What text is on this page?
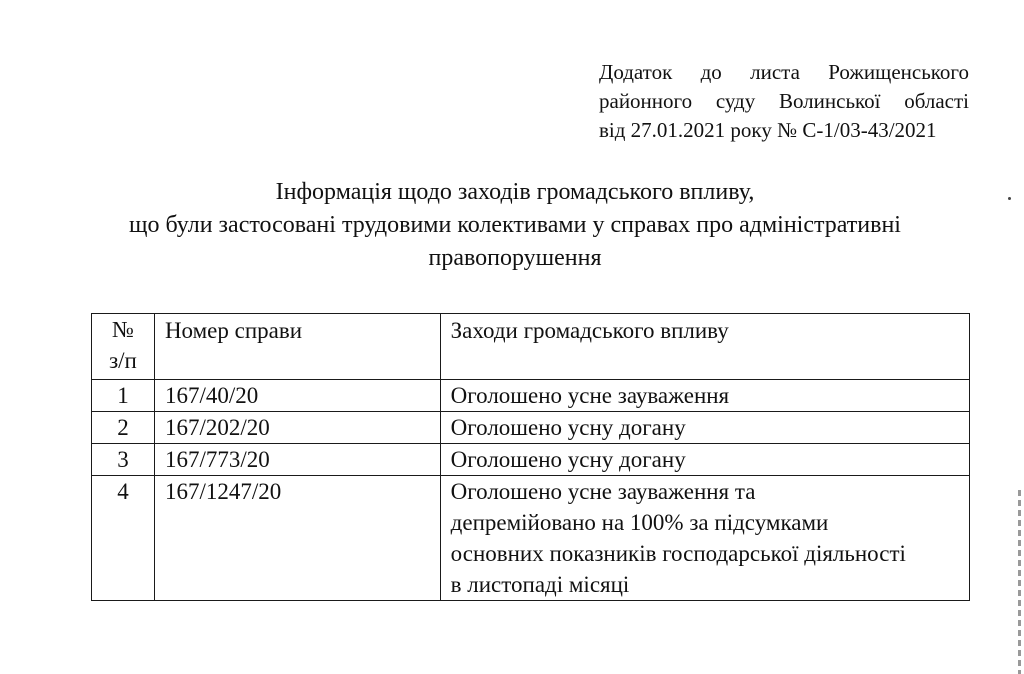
Додаток до листа Рожищенського
районного суду Волинської області
від 27.01.2021 року № С-1/03-43/2021
Інформація щодо заходів громадського впливу,
що були застосовані трудовими колективами у справах про адміністративні
правопорушення
№
з/п	Номер справи	Заходи громадського впливу
1	167/40/20	Оголошено усне зауваження

2	167/202/20	Оголошено усну догану

3	167/773/20	Оголошено усну догану

4	167/1247/20	Оголошено усне зауваження та
депремійовано на 100% за підсумками
основних показників господарської діяльності
в листопаді місяці
